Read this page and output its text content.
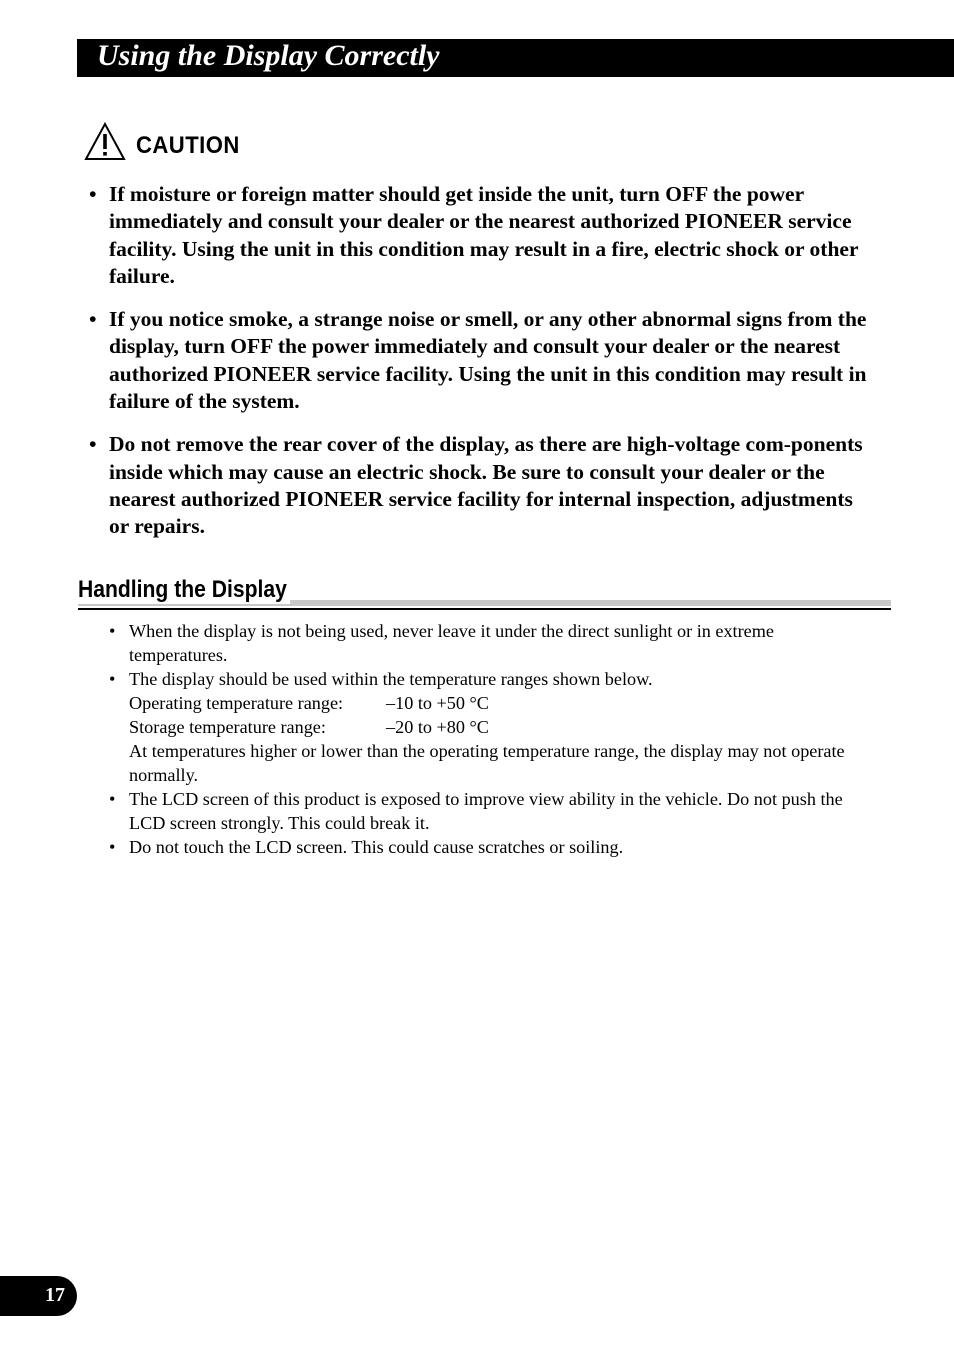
Using the Display Correctly
CAUTION
• If moisture or foreign matter should get inside the unit, turn OFF the power immediately and consult your dealer or the nearest authorized PIONEER service facility. Using the unit in this condition may result in a fire, electric shock or other failure.
• If you notice smoke, a strange noise or smell, or any other abnormal signs from the display, turn OFF the power immediately and consult your dealer or the nearest authorized PIONEER service facility. Using the unit in this condition may result in failure of the system.
• Do not remove the rear cover of the display, as there are high-voltage com-ponents inside which may cause an electric shock. Be sure to consult your dealer or the nearest authorized PIONEER service facility for internal inspection, adjustments or repairs.
Handling the Display
• When the display is not being used, never leave it under the direct sunlight or in extreme temperatures.
• The display should be used within the temperature ranges shown below.
Operating temperature range:	–10 to +50 °C
Storage temperature range:	–20 to +80 °C
At temperatures higher or lower than the operating temperature range, the display may not operate normally.
• The LCD screen of this product is exposed to improve view ability in the vehicle. Do not push the LCD screen strongly. This could break it.
• Do not touch the LCD screen. This could cause scratches or soiling.
17
